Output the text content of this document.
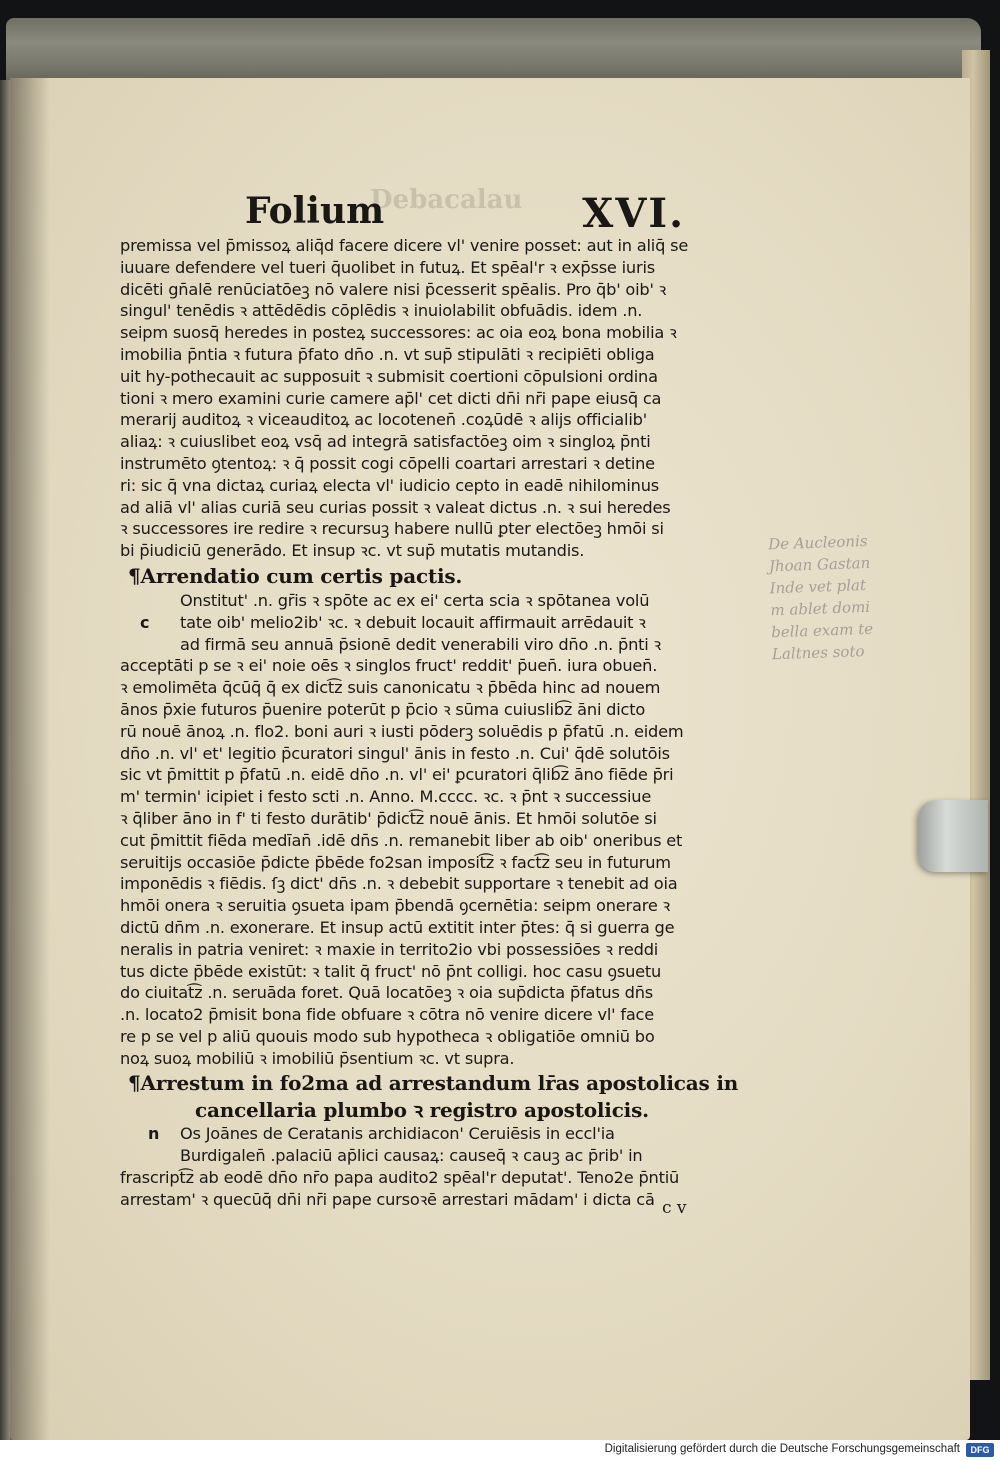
Debacalau
De Aucleonis
Jhoan Gastan
Inde vet plat
m ablet domi
bella exam te
Laltnes soto
Folium	XVI.
premissa vel p̄missoꝝ aliq̄d facere dicere vl' venire posset: aut in aliq̄ se
iuuare defendere vel tueri q̄uolibet in futuꝝ. Et spēal'r ꝛ exp̄sse iuris
dicēti gn̄alē renūciatōeꝫ nō valere nisi p̄cesserit spēalis. Pro q̄b' oib' ꝛ
singul' tenēdis ꝛ attēdēdis cōplēdis ꝛ inuiolabilit obfuādis. idem .n.
seipm suosq̄ heredes in posteꝝ successores: ac oia eoꝝ bona mobilia ꝛ
imobilia p̄ntia ꝛ futura p̄fato dn̄o .n. vt sup̄ stipulāti ꝛ recipiēti obliga
uit hy-pothecauit ac supposuit ꝛ submisit coertioni cōpulsioni ordina
tioni ꝛ mero examini curie camere ap̄l' cet dicti dn̄i nr̄i pape eiusq̄ ca
merarij auditoꝝ ꝛ viceauditoꝝ ac locotenen̄ .coꝝūdē ꝛ alijs officialib'
aliaꝝ: ꝛ cuiuslibet eoꝝ vsq̄ ad integrā satisfactōeꝫ oim ꝛ singloꝝ p̄nti
instrumēto ꝯtentoꝝ: ꝛ q̄ possit cogi cōpelli coartari arrestari ꝛ detine
ri: sic q̄ vna dictaꝝ curiaꝝ electa vl' iudicio cepto in eadē nihilominus
ad aliā vl' alias curiā seu curias possit ꝛ valeat dictus .n. ꝛ sui heredes
ꝛ successores ire redire ꝛ recursuꝫ habere nullū ꝑter electōeꝫ hmōi si
bi p̄iudiciū generādo. Et insup ꝛc. vt sup̄ mutatis mutandis.
¶Arrendatio cum certis pactis.
c
Onstitut' .n. gr̄is ꝛ spōte ac ex ei' certa scia ꝛ spōtanea volū
tate oib' melio2ib' ꝛc. ꝛ debuit locauit affirmauit arrēdauit ꝛ
ad firmā seu annuā p̄sionē dedit venerabili viro dn̄o .n. p̄nti ꝛ
acceptāti p se ꝛ ei' noie oēs ꝛ singlos fruct' reddit' p̄uen̄. iura obuen̄.
ꝛ emolimēta q̄cūq̄ q̄ ex dict͡z suis canonicatu ꝛ p̄bēda hinc ad nouem
ānos p̄xie futuros p̄uenire poterūt p p̄cio ꝛ sūma cuiuslib͡z āni dicto
rū nouē ānoꝝ .n. flo2. boni auri ꝛ iusti pōderꝫ soluēdis p p̄fatū .n. eidem
dn̄o .n. vl' et' legitio p̄curatori singul' ānis in festo .n. Cui' q̄dē solutōis
sic vt p̄mittit p p̄fatū .n. eidē dn̄o .n. vl' ei' ꝑcuratori q̄lib͡z āno fiēde p̄ri
m' termin' icipiet i festo scti .n. Anno. M.cccc. ꝛc. ꝛ p̄nt ꝛ successiue
ꝛ q̄liber āno in f' ti festo durātib' p̄dict͡z nouē ānis. Et hmōi solutōe si
cut p̄mittit fiēda medīan̄ .idē dn̄s .n. remanebit liber ab oib' oneribus et
seruitijs occasiōe p̄dicte p̄bēde fo2san imposit͡z ꝛ fact͡z seu in futurum
imponēdis ꝛ fiēdis. ſꝫ dict' dn̄s .n. ꝛ debebit supportare ꝛ tenebit ad oia
hmōi onera ꝛ seruitia ꝯsueta ipam p̄bendā ꝯcernētia: seipm onerare ꝛ
dictū dn̄m .n. exonerare. Et insup actū extitit inter p̄tes: q̄ si guerra ge
neralis in patria veniret: ꝛ maxie in territo2io vbi possessiōes ꝛ reddi
tus dicte p̄bēde existūt: ꝛ talit q̄ fruct' nō p̄nt colligi. hoc casu ꝯsuetu
do ciuitat͡z .n. seruāda foret. Quā locatōeꝫ ꝛ oia sup̄dicta p̄fatus dn̄s
.n. locato2 p̄misit bona fide obfuare ꝛ cōtra nō venire dicere vl' face
re p se vel p aliū quouis modo sub hypotheca ꝛ obligatiōe omniū bo
noꝝ suoꝝ mobiliū ꝛ imobiliū p̄sentium ꝛc. vt supra.
¶Arrestum in fo2ma ad arrestandum lr̄as apostolicas in
cancellaria plumbo ꝛ registro apostolicis.
n	Os Joānes de Ceratanis archidiacon' Ceruiēsis in eccl'ia
Burdigalen̄ .palaciū ap̄lici causaꝝ: causeq̄ ꝛ cauꝫ ac p̄rib' in
frascript͡z ab eodē dn̄o nr̄o papa audito2 spēal'r deputat'. Teno2e p̄ntiū
arrestam' ꝛ quecūq̄ dn̄i nr̄i pape cursoꝛē arrestari mādam' i dicta cā c v
Digitalisierung gefördert durch die Deutsche Forschungsgemeinschaft	DFG
